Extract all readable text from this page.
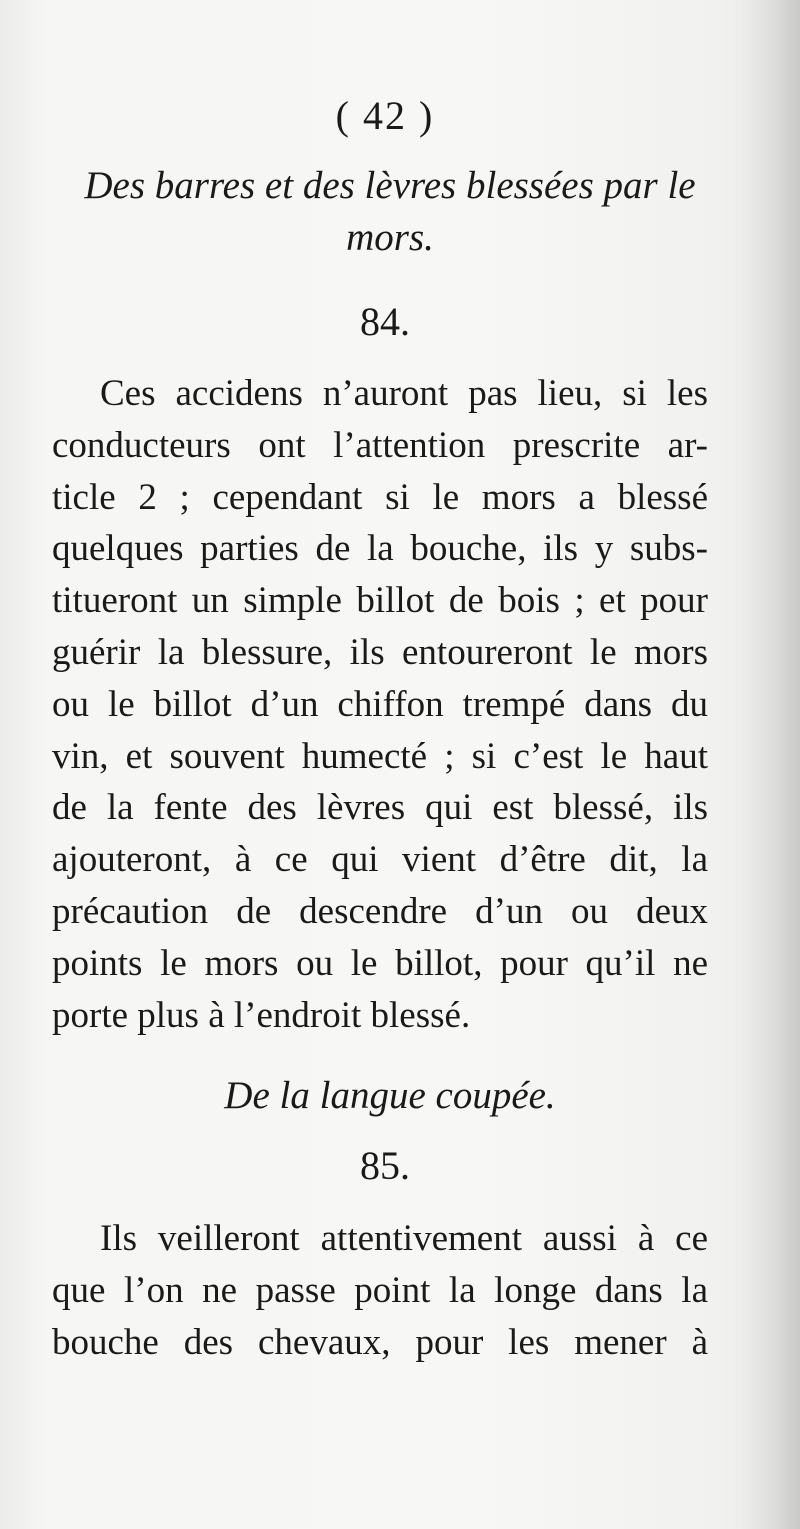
( 42 )
Des barres et des lèvres blessées par le
mors.
84.
Ces accidens n’auront pas lieu, si les
conducteurs ont l’attention prescrite ar-
ticle 2 ; cependant si le mors a blessé
quelques parties de la bouche, ils y subs-
titueront un simple billot de bois ; et pour
guérir la blessure, ils entoureront le mors
ou le billot d’un chiffon trempé dans du
vin, et souvent humecté ; si c’est le haut
de la fente des lèvres qui est blessé, ils
ajouteront, à ce qui vient d’être dit, la
précaution de descendre d’un ou deux
points le mors ou le billot, pour qu’il ne
porte plus à l’endroit blessé.
De la langue coupée.
85.
Ils veilleront attentivement aussi à ce
que l’on ne passe point la longe dans la
bouche des chevaux, pour les mener à
